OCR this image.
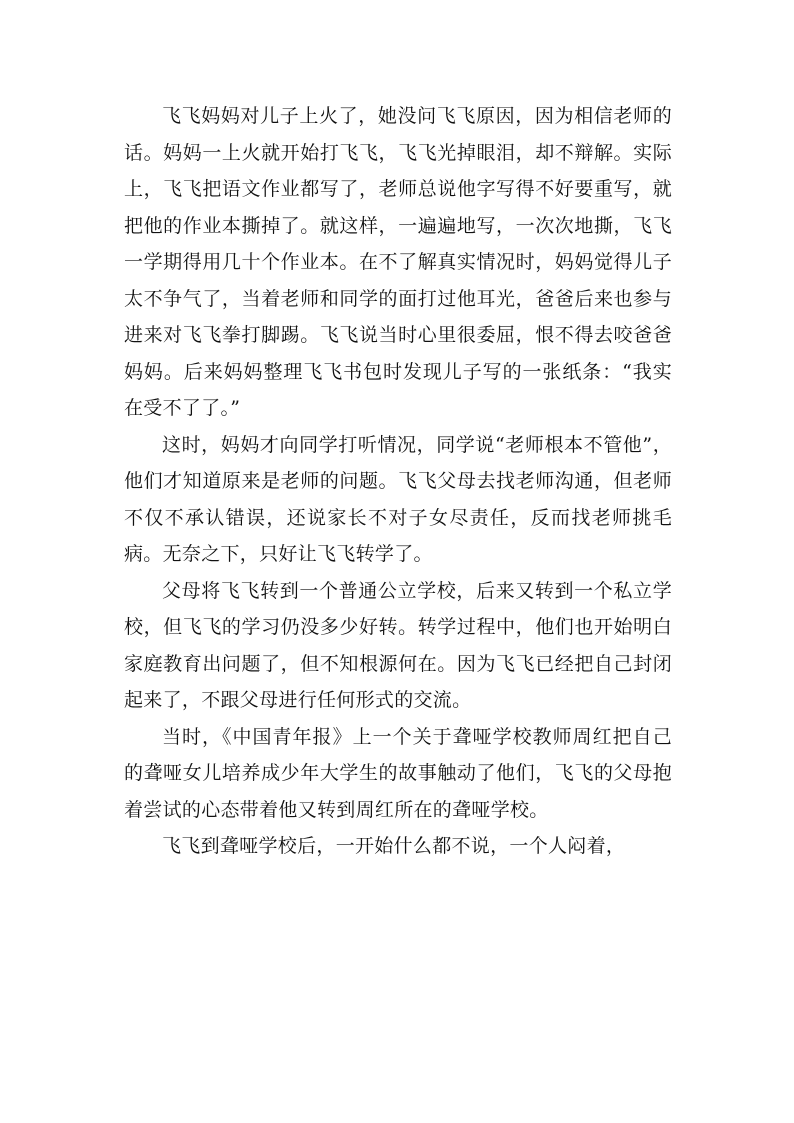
飞飞妈妈对儿子上火了，她没问飞飞原因，因为相信老师的话。妈妈一上火就开始打飞飞，飞飞光掉眼泪，却不辩解。实际上，飞飞把语文作业都写了，老师总说他字写得不好要重写，就把他的作业本撕掉了。就这样，一遍遍地写，一次次地撕，飞飞一学期得用几十个作业本。在不了解真实情况时，妈妈觉得儿子太不争气了，当着老师和同学的面打过他耳光，爸爸后来也参与进来对飞飞拳打脚踢。飞飞说当时心里很委屈，恨不得去咬爸爸妈妈。后来妈妈整理飞飞书包时发现儿子写的一张纸条：“我实在受不了了。”

这时，妈妈才向同学打听情况，同学说“老师根本不管他”，他们才知道原来是老师的问题。飞飞父母去找老师沟通，但老师不仅不承认错误，还说家长不对子女尽责任，反而找老师挑毛病。无奈之下，只好让飞飞转学了。

父母将飞飞转到一个普通公立学校，后来又转到一个私立学校，但飞飞的学习仍没多少好转。转学过程中，他们也开始明白家庭教育出问题了，但不知根源何在。因为飞飞已经把自己封闭起来了，不跟父母进行任何形式的交流。

当时，《中国青年报》上一个关于聋哑学校教师周红把自己的聋哑女儿培养成少年大学生的故事触动了他们，飞飞的父母抱着尝试的心态带着他又转到周红所在的聋哑学校。

飞飞到聋哑学校后，一开始什么都不说，一个人闷着，
